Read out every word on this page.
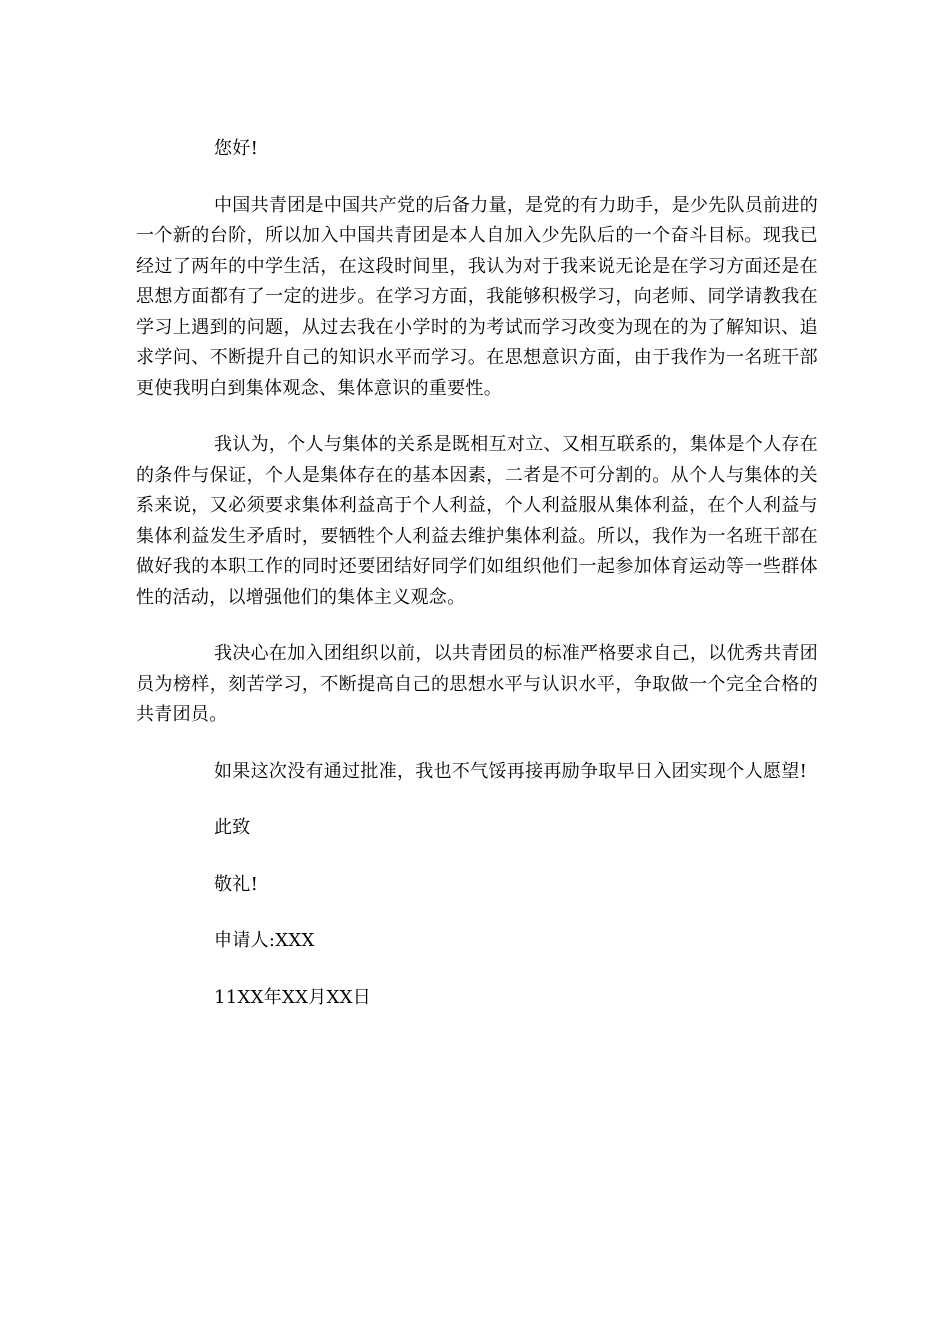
您好!

中国共青团是中国共产党的后备力量，是党的有力助手，是少先队员前进的一个新的台阶，所以加入中国共青团是本人自加入少先队后的一个奋斗目标。现我已经过了两年的中学生活，在这段时间里，我认为对于我来说无论是在学习方面还是在思想方面都有了一定的进步。在学习方面，我能够积极学习，向老师、同学请教我在学习上遇到的问题，从过去我在小学时的为考试而学习改变为现在的为了解知识、追求学问、不断提升自己的知识水平而学习。在思想意识方面，由于我作为一名班干部更使我明白到集体观念、集体意识的重要性。

我认为，个人与集体的关系是既相互对立、又相互联系的，集体是个人存在的条件与保证，个人是集体存在的基本因素，二者是不可分割的。从个人与集体的关系来说，又必须要求集体利益高于个人利益，个人利益服从集体利益，在个人利益与集体利益发生矛盾时，要牺牲个人利益去维护集体利益。所以，我作为一名班干部在做好我的本职工作的同时还要团结好同学们如组织他们一起参加体育运动等一些群体性的活动，以增强他们的集体主义观念。

我决心在加入团组织以前，以共青团员的标准严格要求自己，以优秀共青团员为榜样，刻苦学习，不断提高自己的思想水平与认识水平，争取做一个完全合格的共青团员。

如果这次没有通过批准，我也不气馁再接再励争取早日入团实现个人愿望!

此致

敬礼!

申请人:XXX

11XX年XX月XX日
